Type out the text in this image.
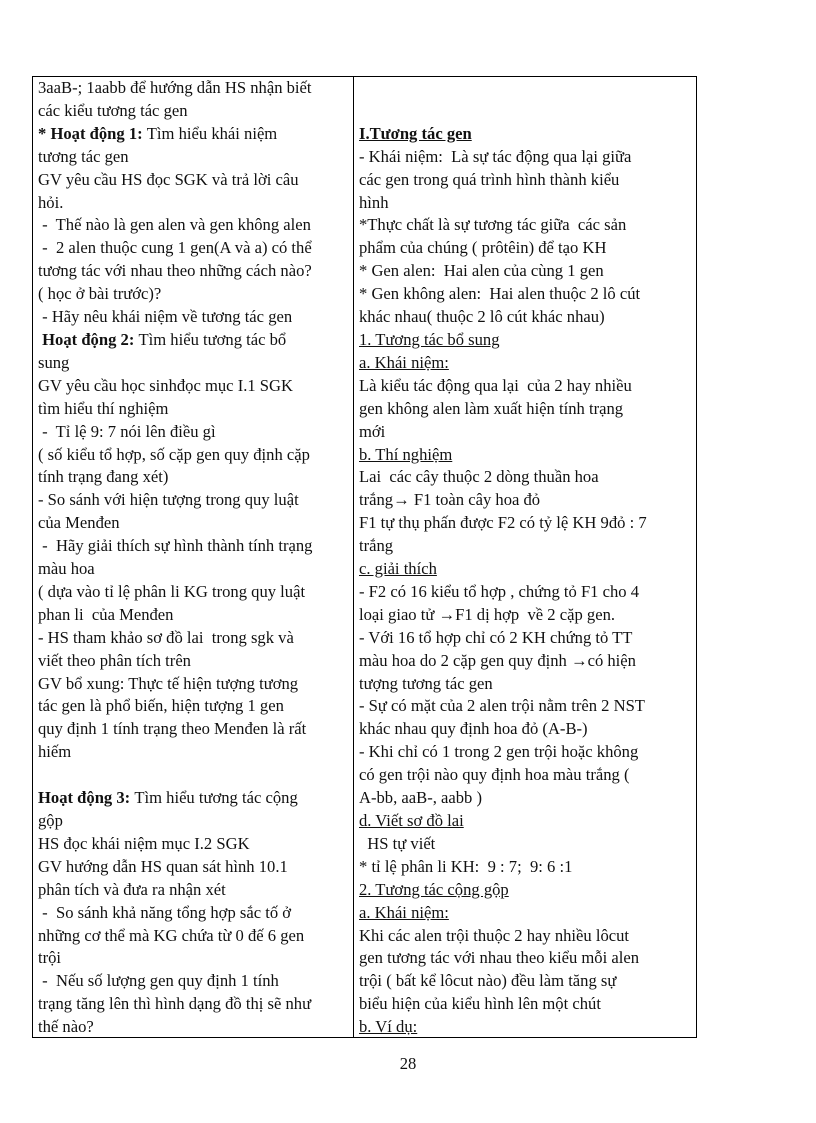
3aaB-; 1aabb để hướng dẫn HS nhận biết
các kiểu tương tác gen
* Hoạt động 1: Tìm hiểu khái niệm
tương tác gen
GV yêu cầu HS đọc SGK và trả lời câu
hỏi.
-  Thế nào là gen alen và gen không alen
-  2 alen thuộc cung 1 gen(A và a) có thể
tương tác với nhau theo những cách nào?
( học ở bài trước)?
- Hãy nêu khái niệm về tương tác gen
Hoạt động 2: Tìm hiểu tương tác bổ
sung
GV yêu cầu học sinhđọc mục I.1 SGK
tìm hiểu thí nghiệm
-  Tỉ lệ 9: 7 nói lên điều gì
( số kiểu tổ hợp, số cặp gen quy định cặp
tính trạng đang xét)
- So sánh với hiện tượng trong quy luật
của Menđen
-  Hãy giải thích sự hình thành tính trạng
màu hoa
( dựa vào tỉ lệ phân li KG trong quy luật
phan li  của Menđen
- HS tham khảo sơ đồ lai  trong sgk và
viết theo phân tích trên
GV bổ xung: Thực tế hiện tượng tương
tác gen là phổ biến, hiện tượng 1 gen
quy định 1 tính trạng theo Menđen là rất
hiếm

Hoạt động 3: Tìm hiểu tương tác cộng
gộp
HS đọc khái niệm mục I.2 SGK
GV hướng dẫn HS quan sát hình 10.1
phân tích và đưa ra nhận xét
-  So sánh khả năng tổng hợp sắc tố ở
những cơ thể mà KG chứa từ 0 đế 6 gen
trội
-  Nếu số lượng gen quy định 1 tính
trạng tăng lên thì hình dạng đồ thị sẽ như
thế nào?

I.Tương tác gen
- Khái niệm:  Là sự tác động qua lại giữa
các gen trong quá trình hình thành kiểu
hình
*Thực chất là sự tương tác giữa  các sản
phẩm của chúng ( prôtêin) để tạo KH
* Gen alen:  Hai alen của cùng 1 gen
* Gen không alen:  Hai alen thuộc 2 lô cút
khác nhau( thuộc 2 lô cút khác nhau)
1. Tương tác bổ sung
a. Khái niệm:
Là kiểu tác động qua lại  của 2 hay nhiều
gen không alen làm xuất hiện tính trạng
mới
b. Thí nghiệm
Lai  các cây thuộc 2 dòng thuần hoa
trắng→ F1 toàn cây hoa đỏ
F1 tự thụ phấn được F2 có tỷ lệ KH 9đỏ : 7
trắng
c. giải thích
- F2 có 16 kiểu tổ hợp , chứng tỏ F1 cho 4
loại giao tử →F1 dị hợp  về 2 cặp gen.
- Với 16 tổ hợp chỉ có 2 KH chứng tỏ TT
màu hoa do 2 cặp gen quy định →có hiện
tượng tương tác gen
- Sự có mặt của 2 alen trội nằm trên 2 NST
khác nhau quy định hoa đỏ (A-B-)
- Khi chỉ có 1 trong 2 gen trội hoặc không
có gen trội nào quy định hoa màu trắng (
A-bb, aaB-, aabb )
d. Viết sơ đồ lai
HS tự viết
* tỉ lệ phân li KH:  9 : 7;  9: 6 :1
2. Tương tác cộng gộp
a. Khái niệm:
Khi các alen trội thuộc 2 hay nhiều lôcut
gen tương tác với nhau theo kiểu mỗi alen
trội ( bất kể lôcut nào) đều làm tăng sự
biểu hiện của kiểu hình lên một chút
b. Ví dụ:
28
